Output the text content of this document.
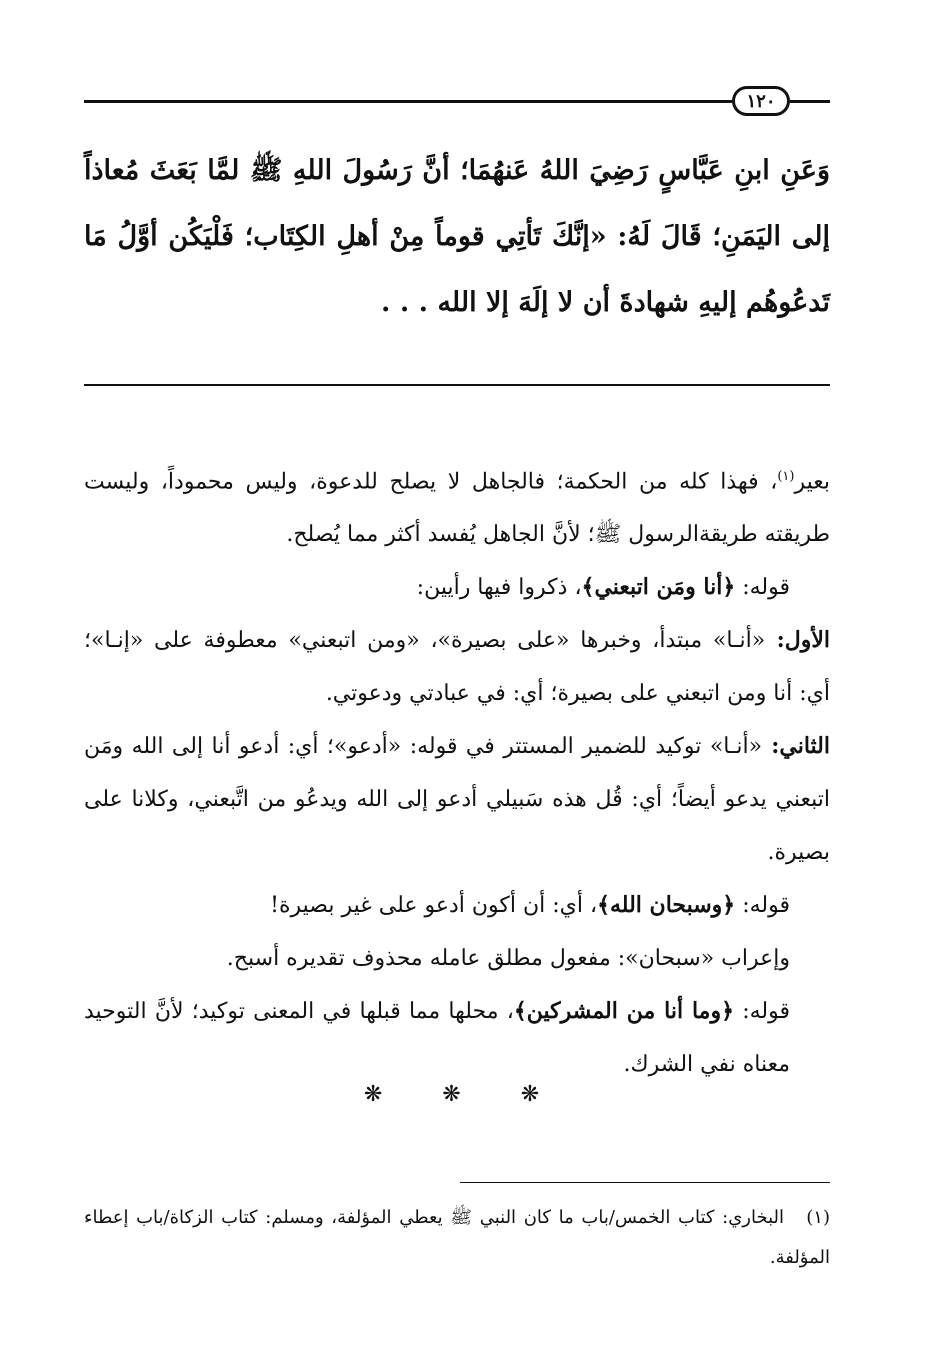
١٢٠

وَعَنِ ابنِ عَبَّاسٍ رَضِيَ اللهُ عَنهُمَا؛ أنَّ رَسُولَ اللهِ ﷺ لمَّا بَعَثَ مُعاذاً إلى اليَمَنِ؛ قَالَ لَهُ: «إنَّكَ تَأتِي قوماً مِنْ أهلِ الكِتَاب؛ فَلْيَكُن أوَّلُ مَا تَدعُوهُم إليهِ شهادةَ أن لا إلَهَ إلا الله . . .

بعير$^{(١)}$، فهذا كله من الحكمة؛ فالجاهل لا يصلح للدعوة، وليس محموداً، وليست طريقته طريقةالرسول ﷺ؛ لأنَّ الجاهل يُفسد أكثر مما يُصلح.

قوله: ﴿أنا ومَن اتبعني﴾، ذكروا فيها رأيين:

الأول: «أنـا» مبتدأ، وخبرها «على بصيرة»، «ومن اتبعني» معطوفة على «إنـا»؛ أي: أنا ومن اتبعني على بصيرة؛ أي: في عبادتي ودعوتي.

الثاني: «أنـا» توكيد للضمير المستتر في قوله: «أدعو»؛ أي: أدعو أنا إلى الله ومَن اتبعني يدعو أيضاً؛ أي: قُل هذه سَبيلي أدعو إلى الله ويدعُو من اتَّبعني، وكلانا على بصيرة.

قوله: ﴿وسبحان الله﴾، أي: أن أكون أدعو على غير بصيرة!

وإعراب «سبحان»: مفعول مطلق عامله محذوف تقديره أسبح.

قوله: ﴿وما أنا من المشركين﴾، محلها مما قبلها في المعنى توكيد؛ لأنَّ التوحيد معناه نفي الشرك.

❋❋❋

(١)البخاري: كتاب الخمس/باب ما كان النبي ﷺ يعطي المؤلفة، ومسلم: كتاب الزكاة/باب إعطاء المؤلفة.
